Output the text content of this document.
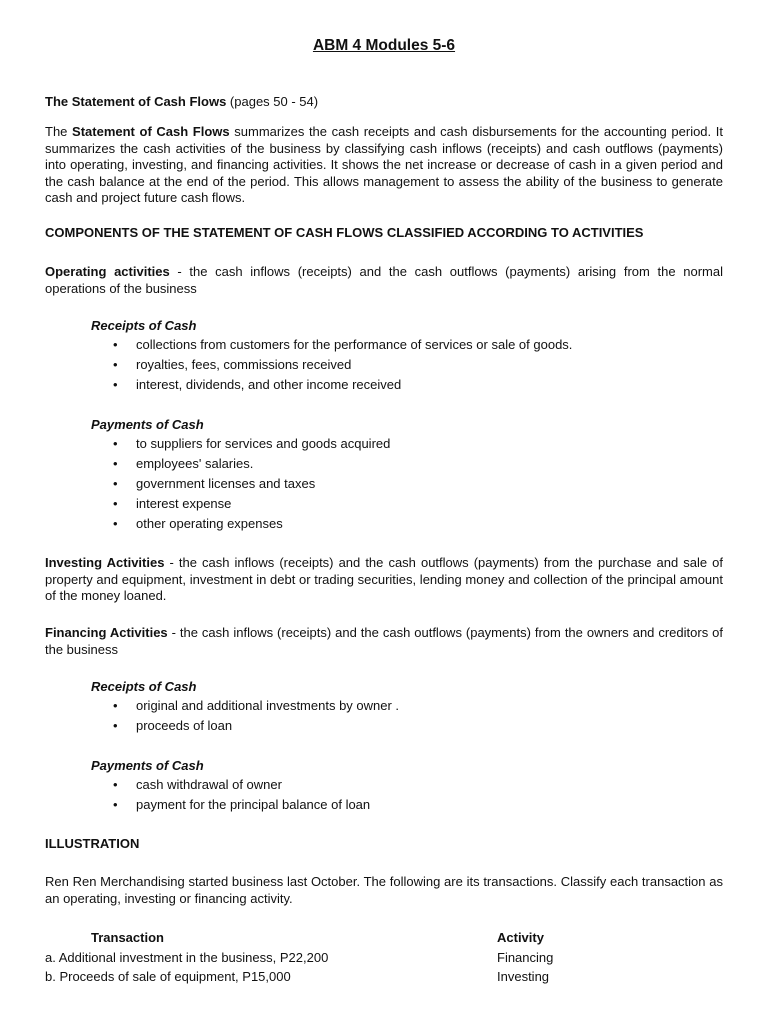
ABM 4 Modules 5-6
The Statement of Cash Flows (pages 50 - 54)
The Statement of Cash Flows summarizes the cash receipts and cash disbursements for the accounting period. It summarizes the cash activities of the business by classifying cash inflows (receipts) and cash outflows (payments) into operating, investing, and financing activities. It shows the net increase or decrease of cash in a given period and the cash balance at the end of the period. This allows management to assess the ability of the business to generate cash and project future cash flows.
COMPONENTS OF THE STATEMENT OF CASH FLOWS CLASSIFIED ACCORDING TO ACTIVITIES
Operating activities - the cash inflows (receipts) and the cash outflows (payments) arising from the normal operations of the business
Receipts of Cash
• collections from customers for the performance of services or sale of goods.
• royalties, fees, commissions received
• interest, dividends, and other income received
Payments of Cash
• to suppliers for services and goods acquired
• employees' salaries.
• government licenses and taxes
• interest expense
• other operating expenses
Investing Activities - the cash inflows (receipts) and the cash outflows (payments) from the purchase and sale of property and equipment, investment in debt or trading securities, lending money and collection of the principal amount of the money loaned.
Financing Activities - the cash inflows (receipts) and the cash outflows (payments) from the owners and creditors of the business
Receipts of Cash
• original and additional investments by owner .
• proceeds of loan
Payments of Cash
• cash withdrawal of owner
• payment for the principal balance of loan
ILLUSTRATION
Ren Ren Merchandising started business last October. The following are its transactions. Classify each transaction as an operating, investing or financing activity.
Transaction	Activity
a. Additional investment in the business, P22,200	Financing
b. Proceeds of sale of equipment, P15,000	Investing
